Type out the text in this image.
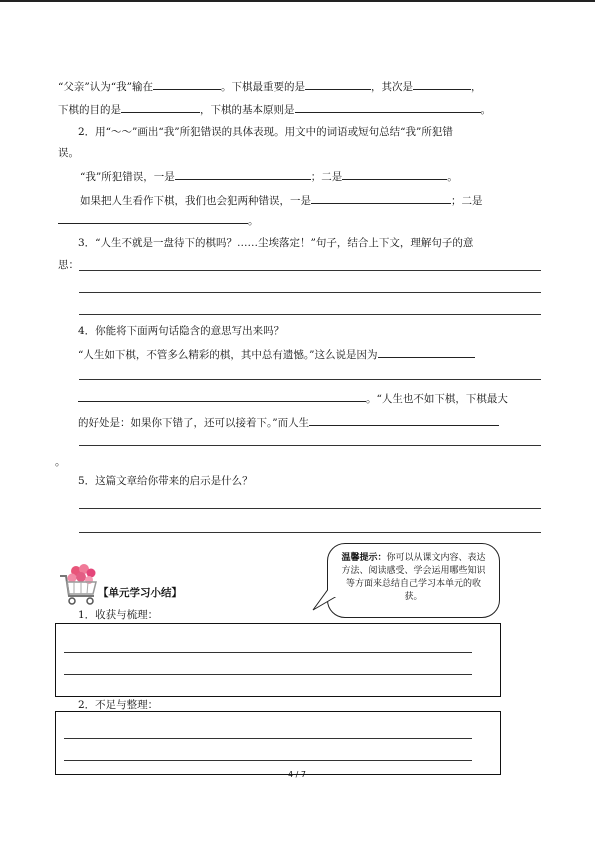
“父亲”认为“我”输在	。下棋最重要的是	，其次是	，
下棋的目的是	，下棋的基本原则是	。
2．用“～～”画出“我”所犯错误的具体表现。用文中的词语或短句总结“我”所犯错
误。
“我”所犯错误，一是	；二是	。
如果把人生看作下棋，我们也会犯两种错误，一是	；二是
。
3．“人生不就是一盘待下的棋吗？……尘埃落定！”句子，结合上下文，理解句子的意
思：
4．你能将下面两句话隐含的意思写出来吗？
“人生如下棋，不管多么精彩的棋，其中总有遗憾。”这么说是因为
。“人生也不如下棋，下棋最大
的好处是：如果你下错了，还可以接着下。”而人生
。
5．这篇文章给你带来的启示是什么？
温馨提示：你可以从课文内容、表达方法、阅读感受、学会运用哪些知识等方面来总结自己学习本单元的收获。
【单元学习小结】
1．收获与梳理：
2．不足与整理：
4 / 7
